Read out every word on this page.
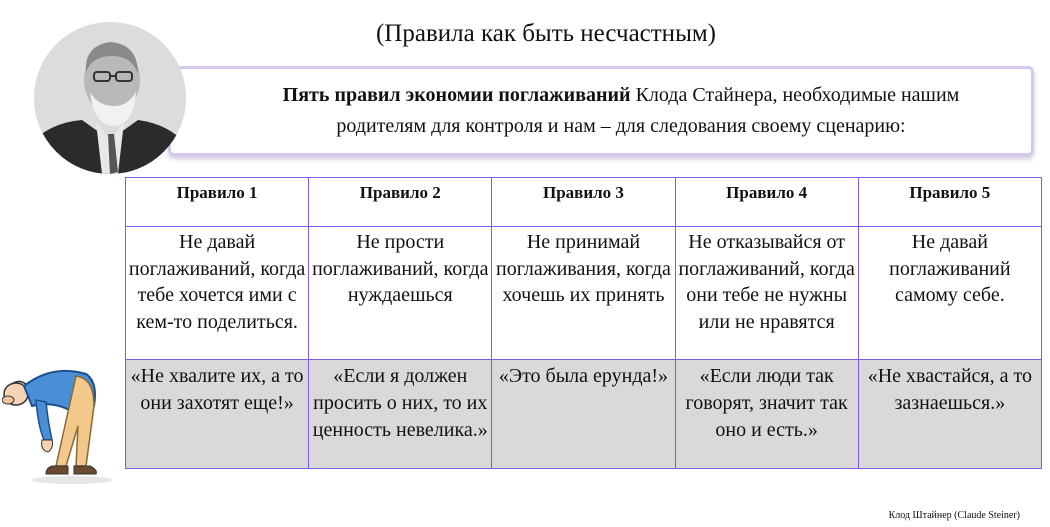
(Правила как быть несчастным)
Пять правил экономии поглаживаний Клода Стайнера, необходимые нашим родителям для контроля и нам – для следования своему сценарию:
Правило 1	Правило 2	Правило 3	Правило 4	Правило 5
Не давай поглаживаний, когда тебе хочется ими с кем-то поделиться.	Не прости поглаживаний, когда нуждаешься	Не принимай поглаживания, когда хочешь их принять	Не отказывайся от поглаживаний, когда они тебе не нужны или не нравятся	Не давай поглаживаний самому себе.
«Не хвалите их, а то они захотят еще!»	«Если я должен просить о них, то их ценность невелика.»	«Это была ерунда!»	«Если люди так говорят, значит так оно и есть.»	«Не хвастайся, а то зазнаешься.»
Клод Штайнер (Claude Steiner)
